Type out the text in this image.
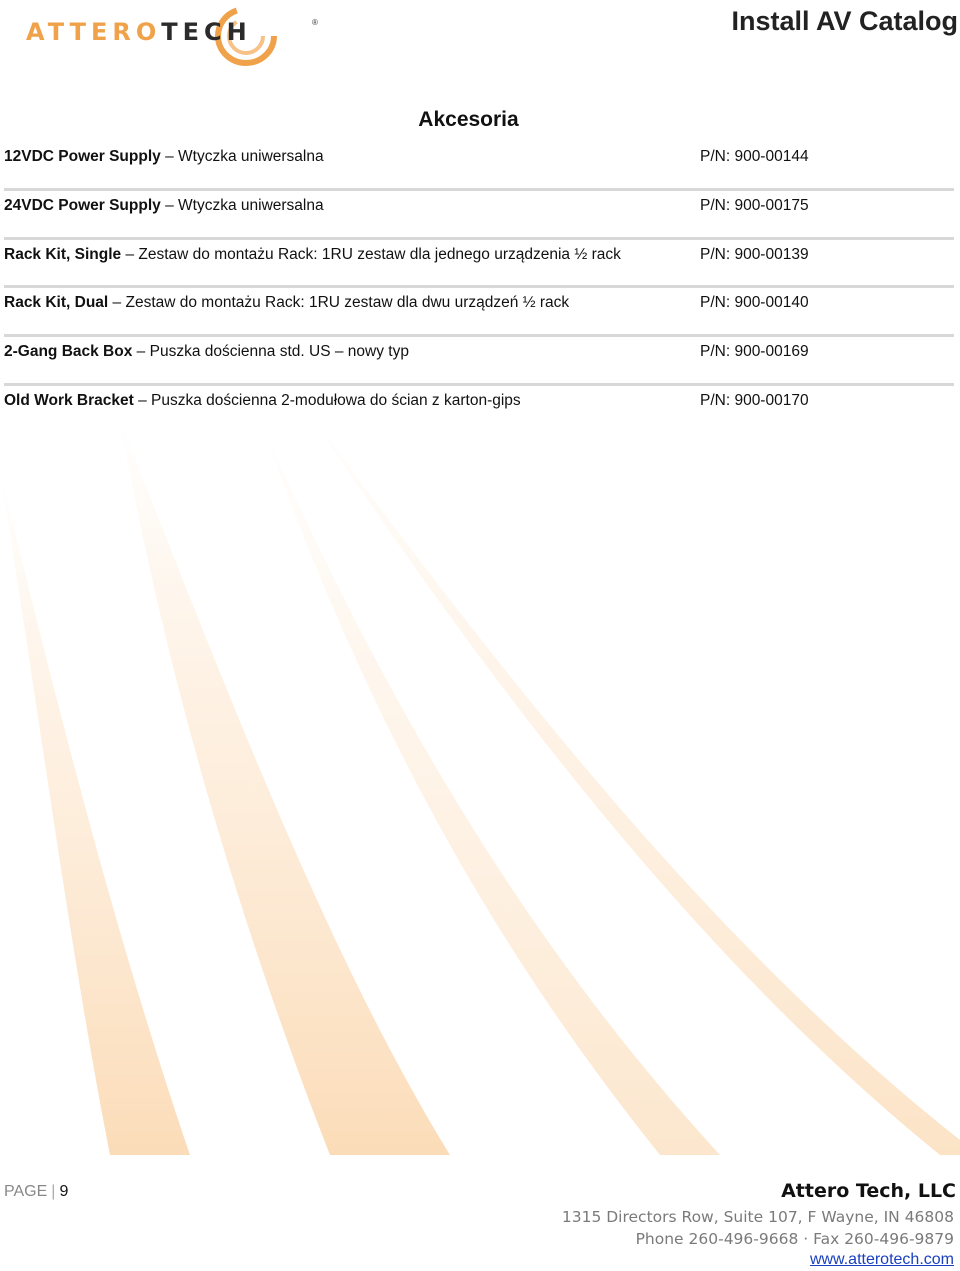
ATTEROTECH	®	Install AV Catalog
Akcesoria
12VDC Power Supply – Wtyczka uniwersalna	P/N: 900-00144
24VDC Power Supply – Wtyczka uniwersalna	P/N: 900-00175
Rack Kit, Single – Zestaw do montażu Rack: 1RU zestaw dla jednego urządzenia ½ rack	P/N: 900-00139
Rack Kit, Dual – Zestaw do montażu Rack: 1RU zestaw dla dwu urządzeń ½ rack	P/N: 900-00140
2-Gang Back Box – Puszka dościenna std. US – nowy typ	P/N: 900-00169
Old Work Bracket – Puszka dościenna 2-modułowa do ścian z karton-gips	P/N: 900-00170
PAGE | 9	Attero Tech, LLC
1315 Directors Row, Suite 107, F Wayne, IN 46808
Phone 260-496-9668 · Fax 260-496-9879
www.atterotech.com
